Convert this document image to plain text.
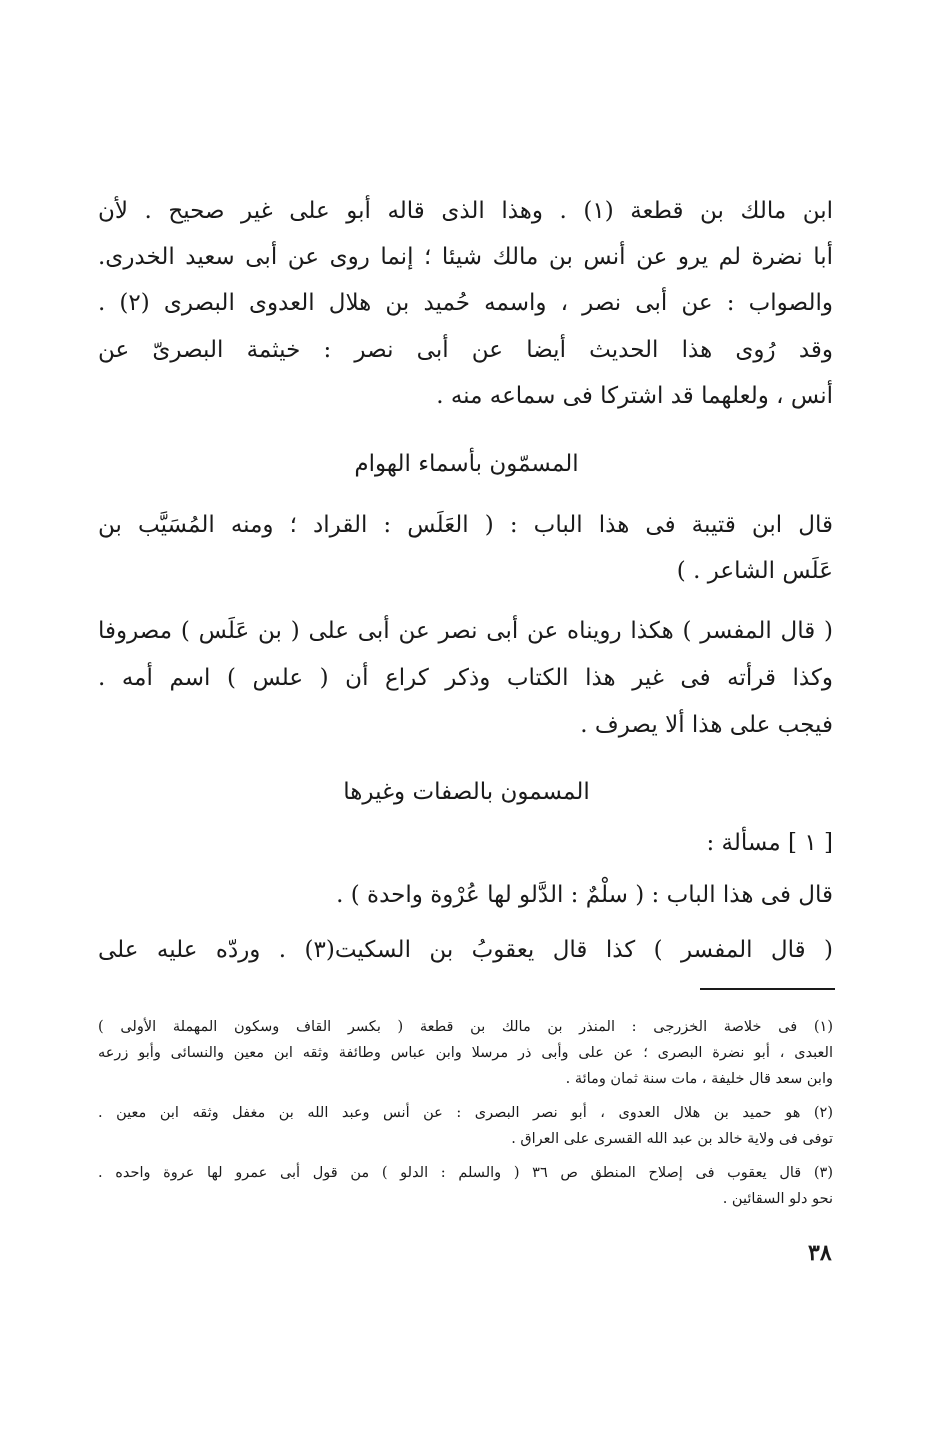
ابن مالك بن قطعة (١) . وهذا الذى قاله أبو على غير صحيح . لأن
أبا نضرة لم يرو عن أنس بن مالك شيئا ؛ إنما روى عن أبى سعيد الخدرى.
والصواب : عن أبى نصر ، واسمه حُميد بن هلال العدوى البصرى (٢) .
وقد رُوى هذا الحديث أيضا عن أبى نصر : خيثمة البصرىّ عن
أنس ، ولعلهما قد اشتركا فى سماعه منه .
المسمّون بأسماء الهوام
قال ابن قتيبة فى هذا الباب : ( العَلَس : القراد ؛ ومنه المُسَيَّب بن
عَلَس الشاعر . )
( قال المفسر ) هكذا رويناه عن أبى نصر عن أبى على ( بن عَلَس ) مصروفا
وكذا قرأته فى غير هذا الكتاب وذكر كراع أن ( علس ) اسم أمه .
فيجب على هذا ألا يصرف .
المسمون بالصفات وغيرها
[ ١ ] مسألة :
قال فى هذا الباب : ( سلْمٌ : الدَّلو لها عُرْوة واحدة ) .
( قال المفسر ) كذا قال يعقوبُ بن السكيت(٣) . وردّه عليه على
(١) فى خلاصة الخزرجى : المنذر بن مالك بن قطعة ( بكسر القاف وسكون المهملة الأولى )
العبدى ، أبو نضرة البصرى ؛ عن على وأبى ذر مرسلا وابن عباس وطائفة وثقه ابن معين والنسائى وأبو زرعه
وابن سعد قال خليفة ، مات سنة ثمان ومائة .
(٢) هو حميد بن هلال العدوى ، أبو نصر البصرى : عن أنس وعبد الله بن مغفل وثقه ابن معين .
توفى فى ولاية خالد بن عبد الله القسرى على العراق .
(٣) قال يعقوب فى إصلاح المنطق ص ٣٦ ( والسلم : الدلو ) من قول أبى عمرو لها عروة واحده .
نحو دلو السقائين .
٣٨
